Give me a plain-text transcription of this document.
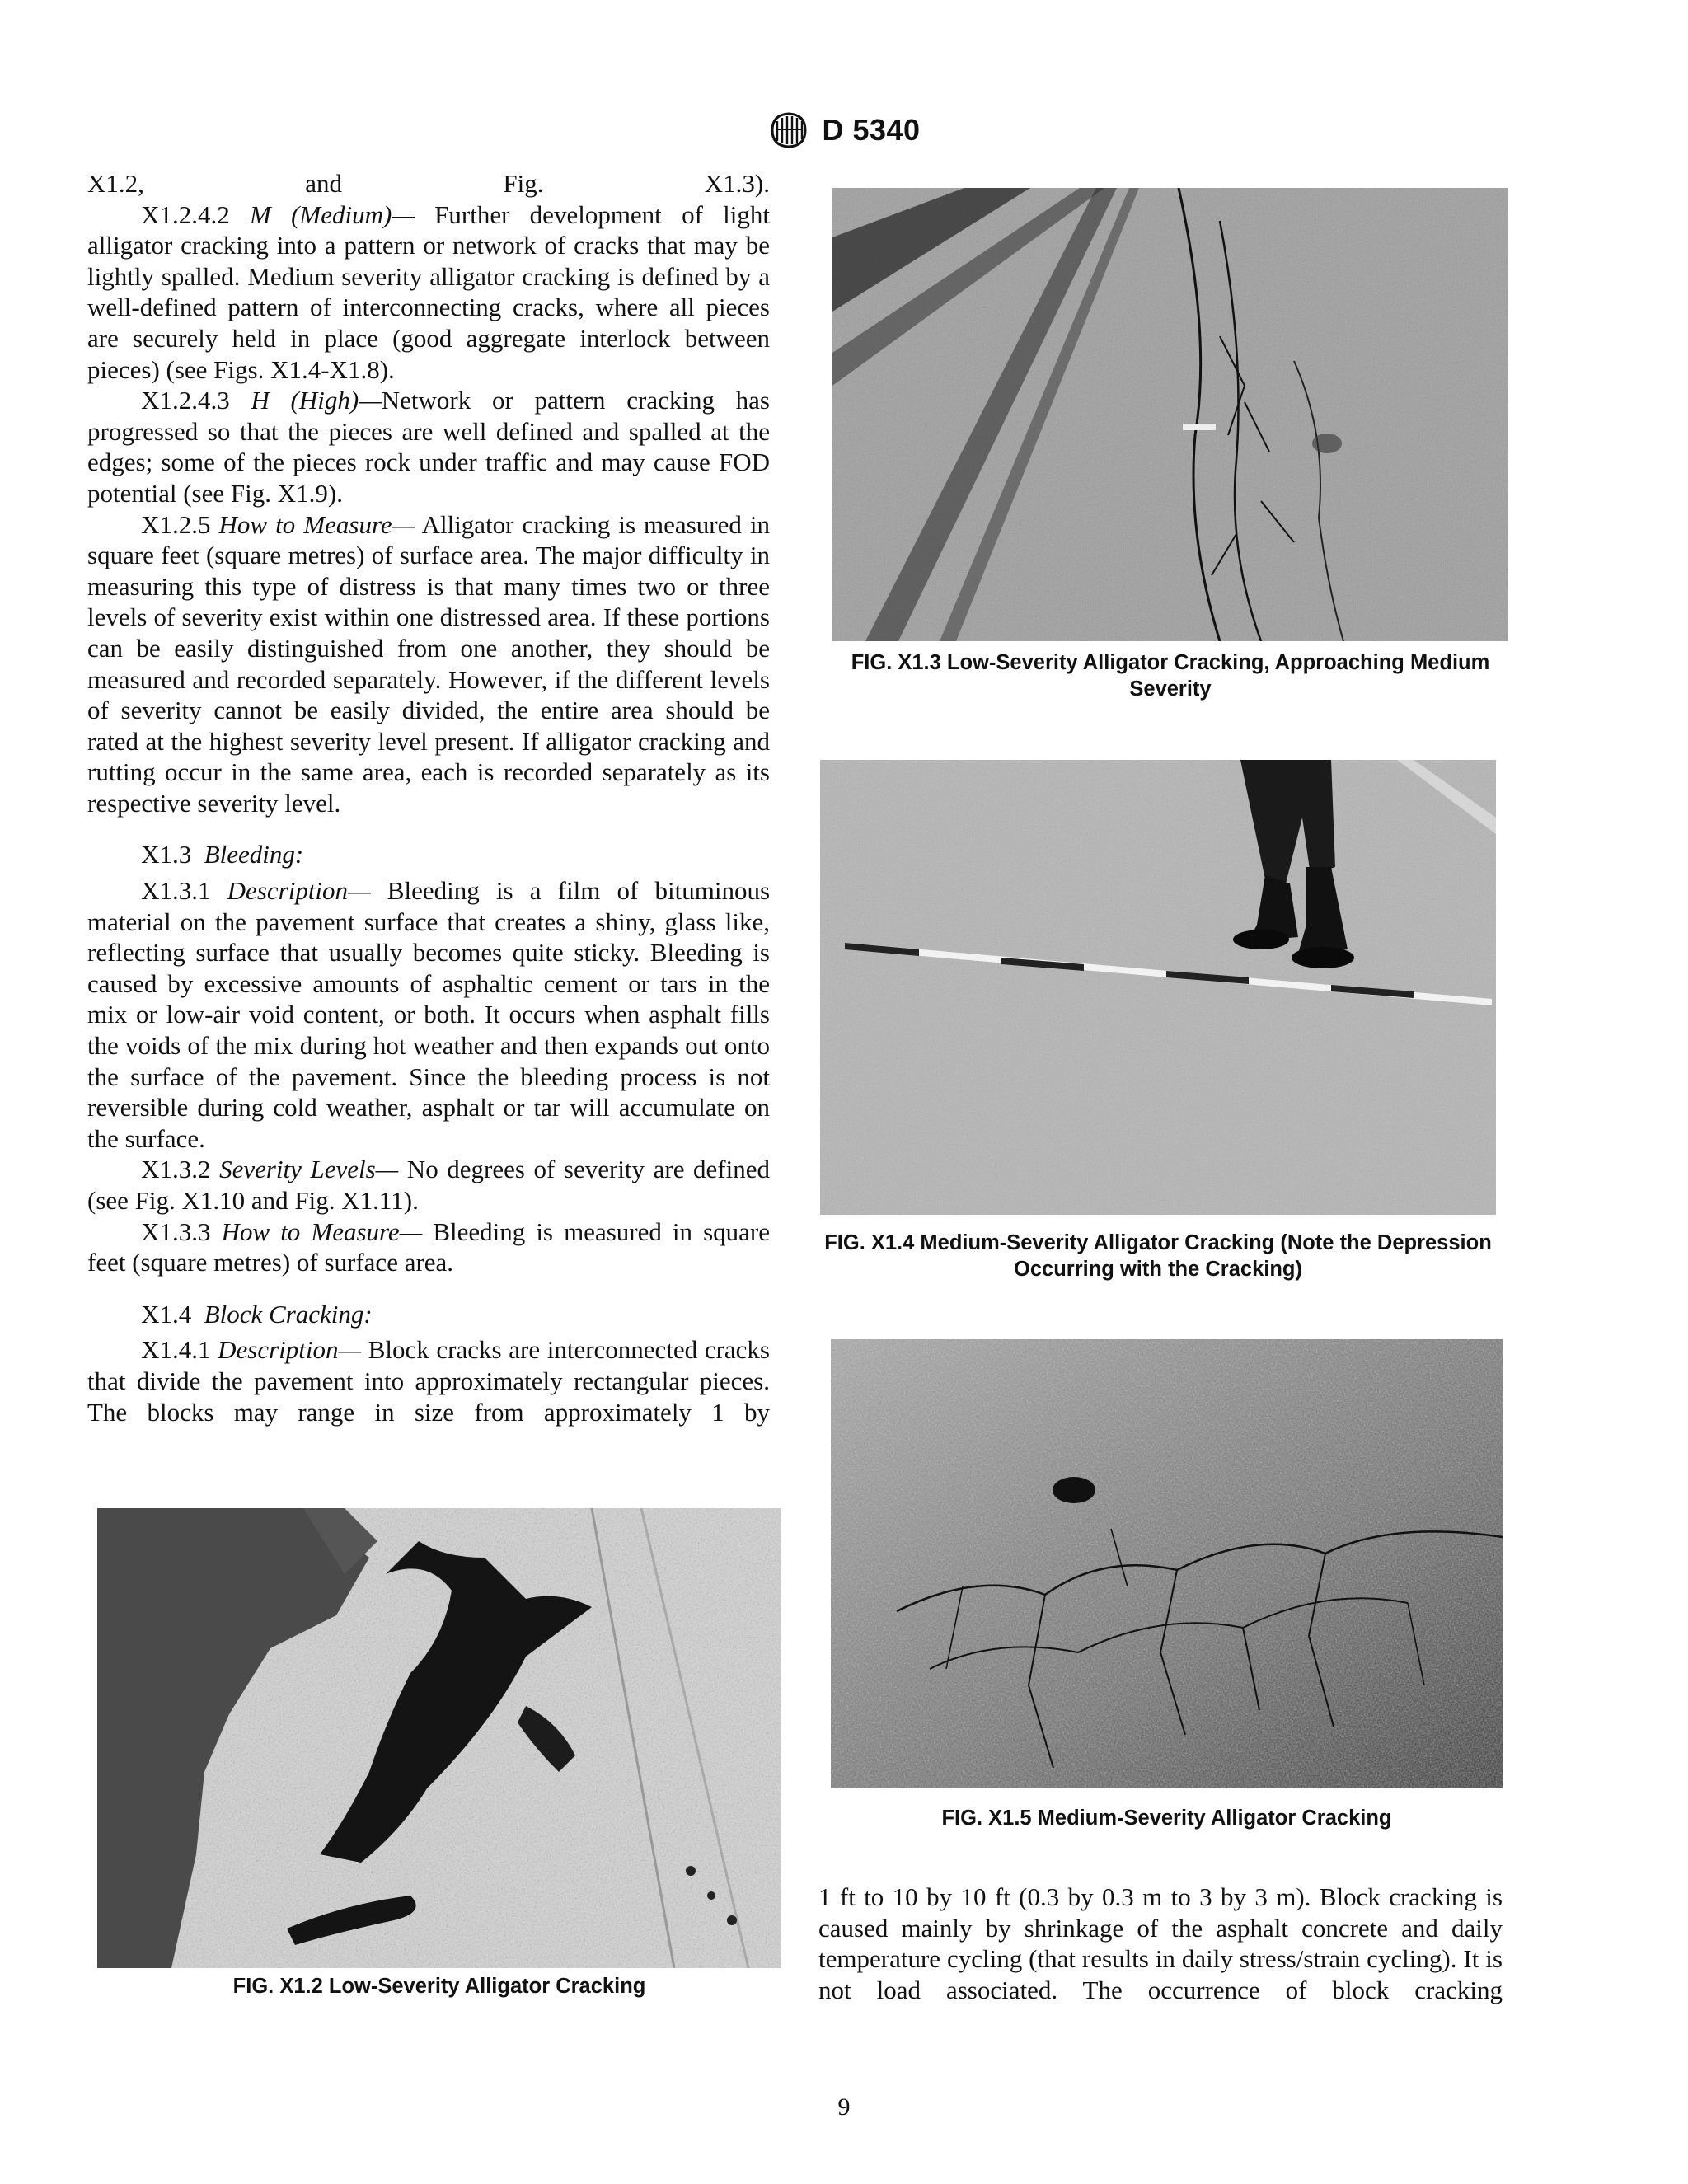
D 5340

X1.2, and Fig. X1.3).

X1.2.4.2 M (Medium)— Further development of light alligator cracking into a pattern or network of cracks that may be lightly spalled. Medium severity alligator cracking is defined by a well-defined pattern of interconnecting cracks, where all pieces are securely held in place (good aggregate interlock between pieces) (see Figs. X1.4-X1.8).

X1.2.4.3 H (High)—Network or pattern cracking has progressed so that the pieces are well defined and spalled at the edges; some of the pieces rock under traffic and may cause FOD potential (see Fig. X1.9).

X1.2.5 How to Measure— Alligator cracking is measured in square feet (square metres) of surface area. The major difficulty in measuring this type of distress is that many times two or three levels of severity exist within one distressed area. If these portions can be easily distinguished from one another, they should be measured and recorded separately. However, if the different levels of severity cannot be easily divided, the entire area should be rated at the highest severity level present. If alligator cracking and rutting occur in the same area, each is recorded separately as its respective severity level.

X1.3 Bleeding:

X1.3.1 Description— Bleeding is a film of bituminous material on the pavement surface that creates a shiny, glass like, reflecting surface that usually becomes quite sticky. Bleeding is caused by excessive amounts of asphaltic cement or tars in the mix or low-air void content, or both. It occurs when asphalt fills the voids of the mix during hot weather and then expands out onto the surface of the pavement. Since the bleeding process is not reversible during cold weather, asphalt or tar will accumulate on the surface.

X1.3.2 Severity Levels— No degrees of severity are defined (see Fig. X1.10 and Fig. X1.11).

X1.3.3 How to Measure— Bleeding is measured in square feet (square metres) of surface area.

X1.4 Block Cracking:

X1.4.1 Description— Block cracks are interconnected cracks that divide the pavement into approximately rectangular pieces. The blocks may range in size from approximately 1 by

FIG. X1.3 Low-Severity Alligator Cracking, Approaching Medium Severity
FIG. X1.4 Medium-Severity Alligator Cracking (Note the Depression Occurring with the Cracking)
FIG. X1.5 Medium-Severity Alligator Cracking
FIG. X1.2 Low-Severity Alligator Cracking

1 ft to 10 by 10 ft (0.3 by 0.3 m to 3 by 3 m). Block cracking is caused mainly by shrinkage of the asphalt concrete and daily temperature cycling (that results in daily stress/strain cycling). It is not load associated. The occurrence of block cracking

9
